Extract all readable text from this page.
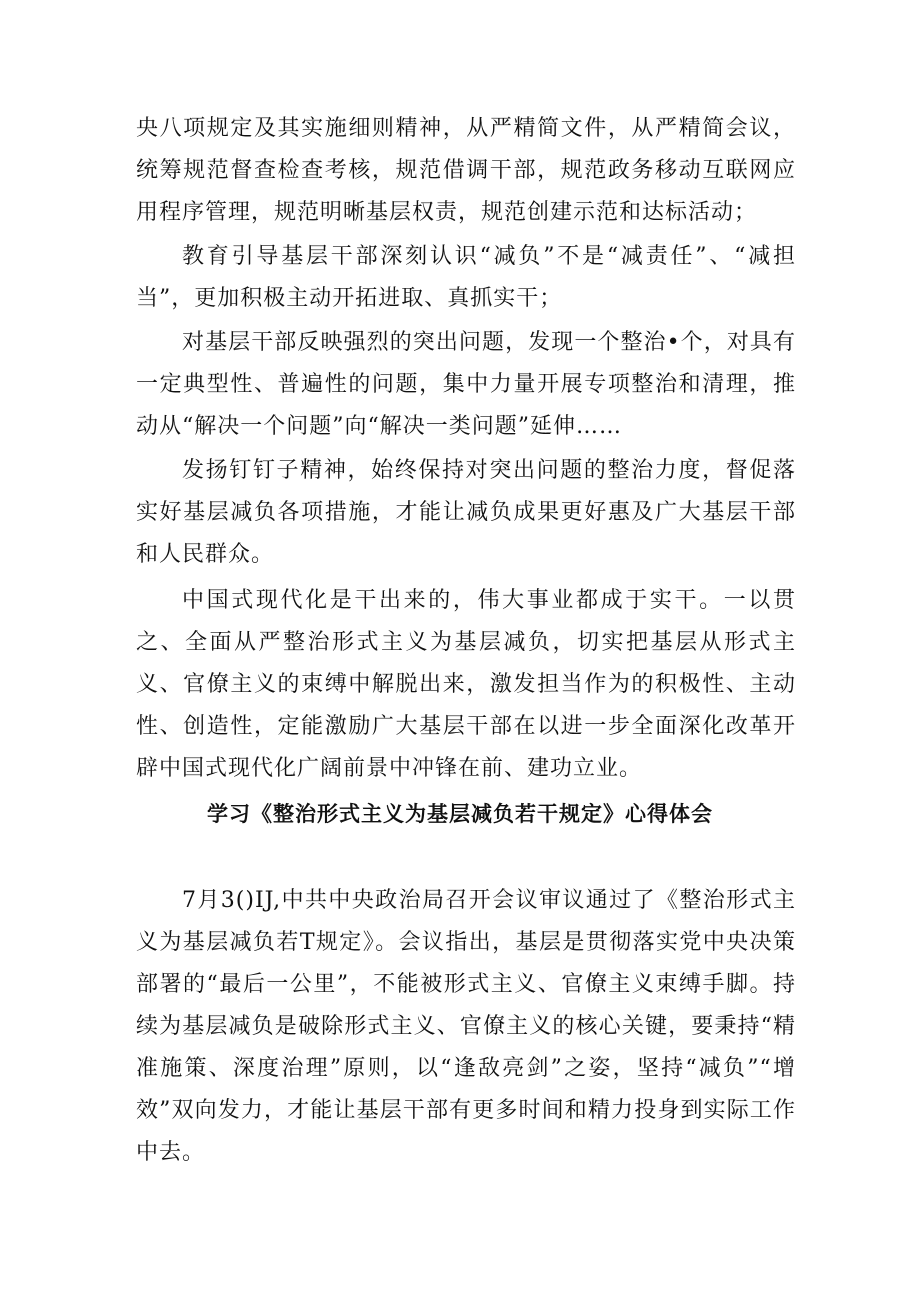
央八项规定及其实施细则精神，从严精简文件，从严精简会议，统筹规范督查检查考核，规范借调干部，规范政务移动互联网应用程序管理，规范明晰基层权责，规范创建示范和达标活动；

教育引导基层干部深刻认识“减负”不是“减责任”、“减担当”，更加积极主动开拓进取、真抓实干；

对基层干部反映强烈的突出问题，发现一个整治•个，对具有一定典型性、普遍性的问题，集中力量开展专项整治和清理，推动从“解决一个问题”向“解决一类问题”延伸……

发扬钉钉子精神，始终保持对突出问题的整治力度，督促落实好基层减负各项措施，才能让减负成果更好惠及广大基层干部和人民群众。

中国式现代化是干出来的，伟大事业都成于实干。一以贯之、全面从严整治形式主义为基层减负，切实把基层从形式主义、官僚主义的束缚中解脱出来，激发担当作为的积极性、主动性、创造性，定能激励广大基层干部在以进一步全面深化改革开辟中国式现代化广阔前景中冲锋在前、建功立业。

学习《整治形式主义为基层减负若干规定》心得体会

7月3()IJ,中共中央政治局召开会议审议通过了《整治形式主义为基层减负若T规定》。会议指出，基层是贯彻落实党中央决策部署的“最后一公里”，不能被形式主义、官僚主义束缚手脚。持续为基层减负是破除形式主义、官僚主义的核心关键，要秉持“精准施策、深度治理”原则，以“逢敌亮剑”之姿，坚持“减负”“增效”双向发力，才能让基层干部有更多时间和精力投身到实际工作中去。
